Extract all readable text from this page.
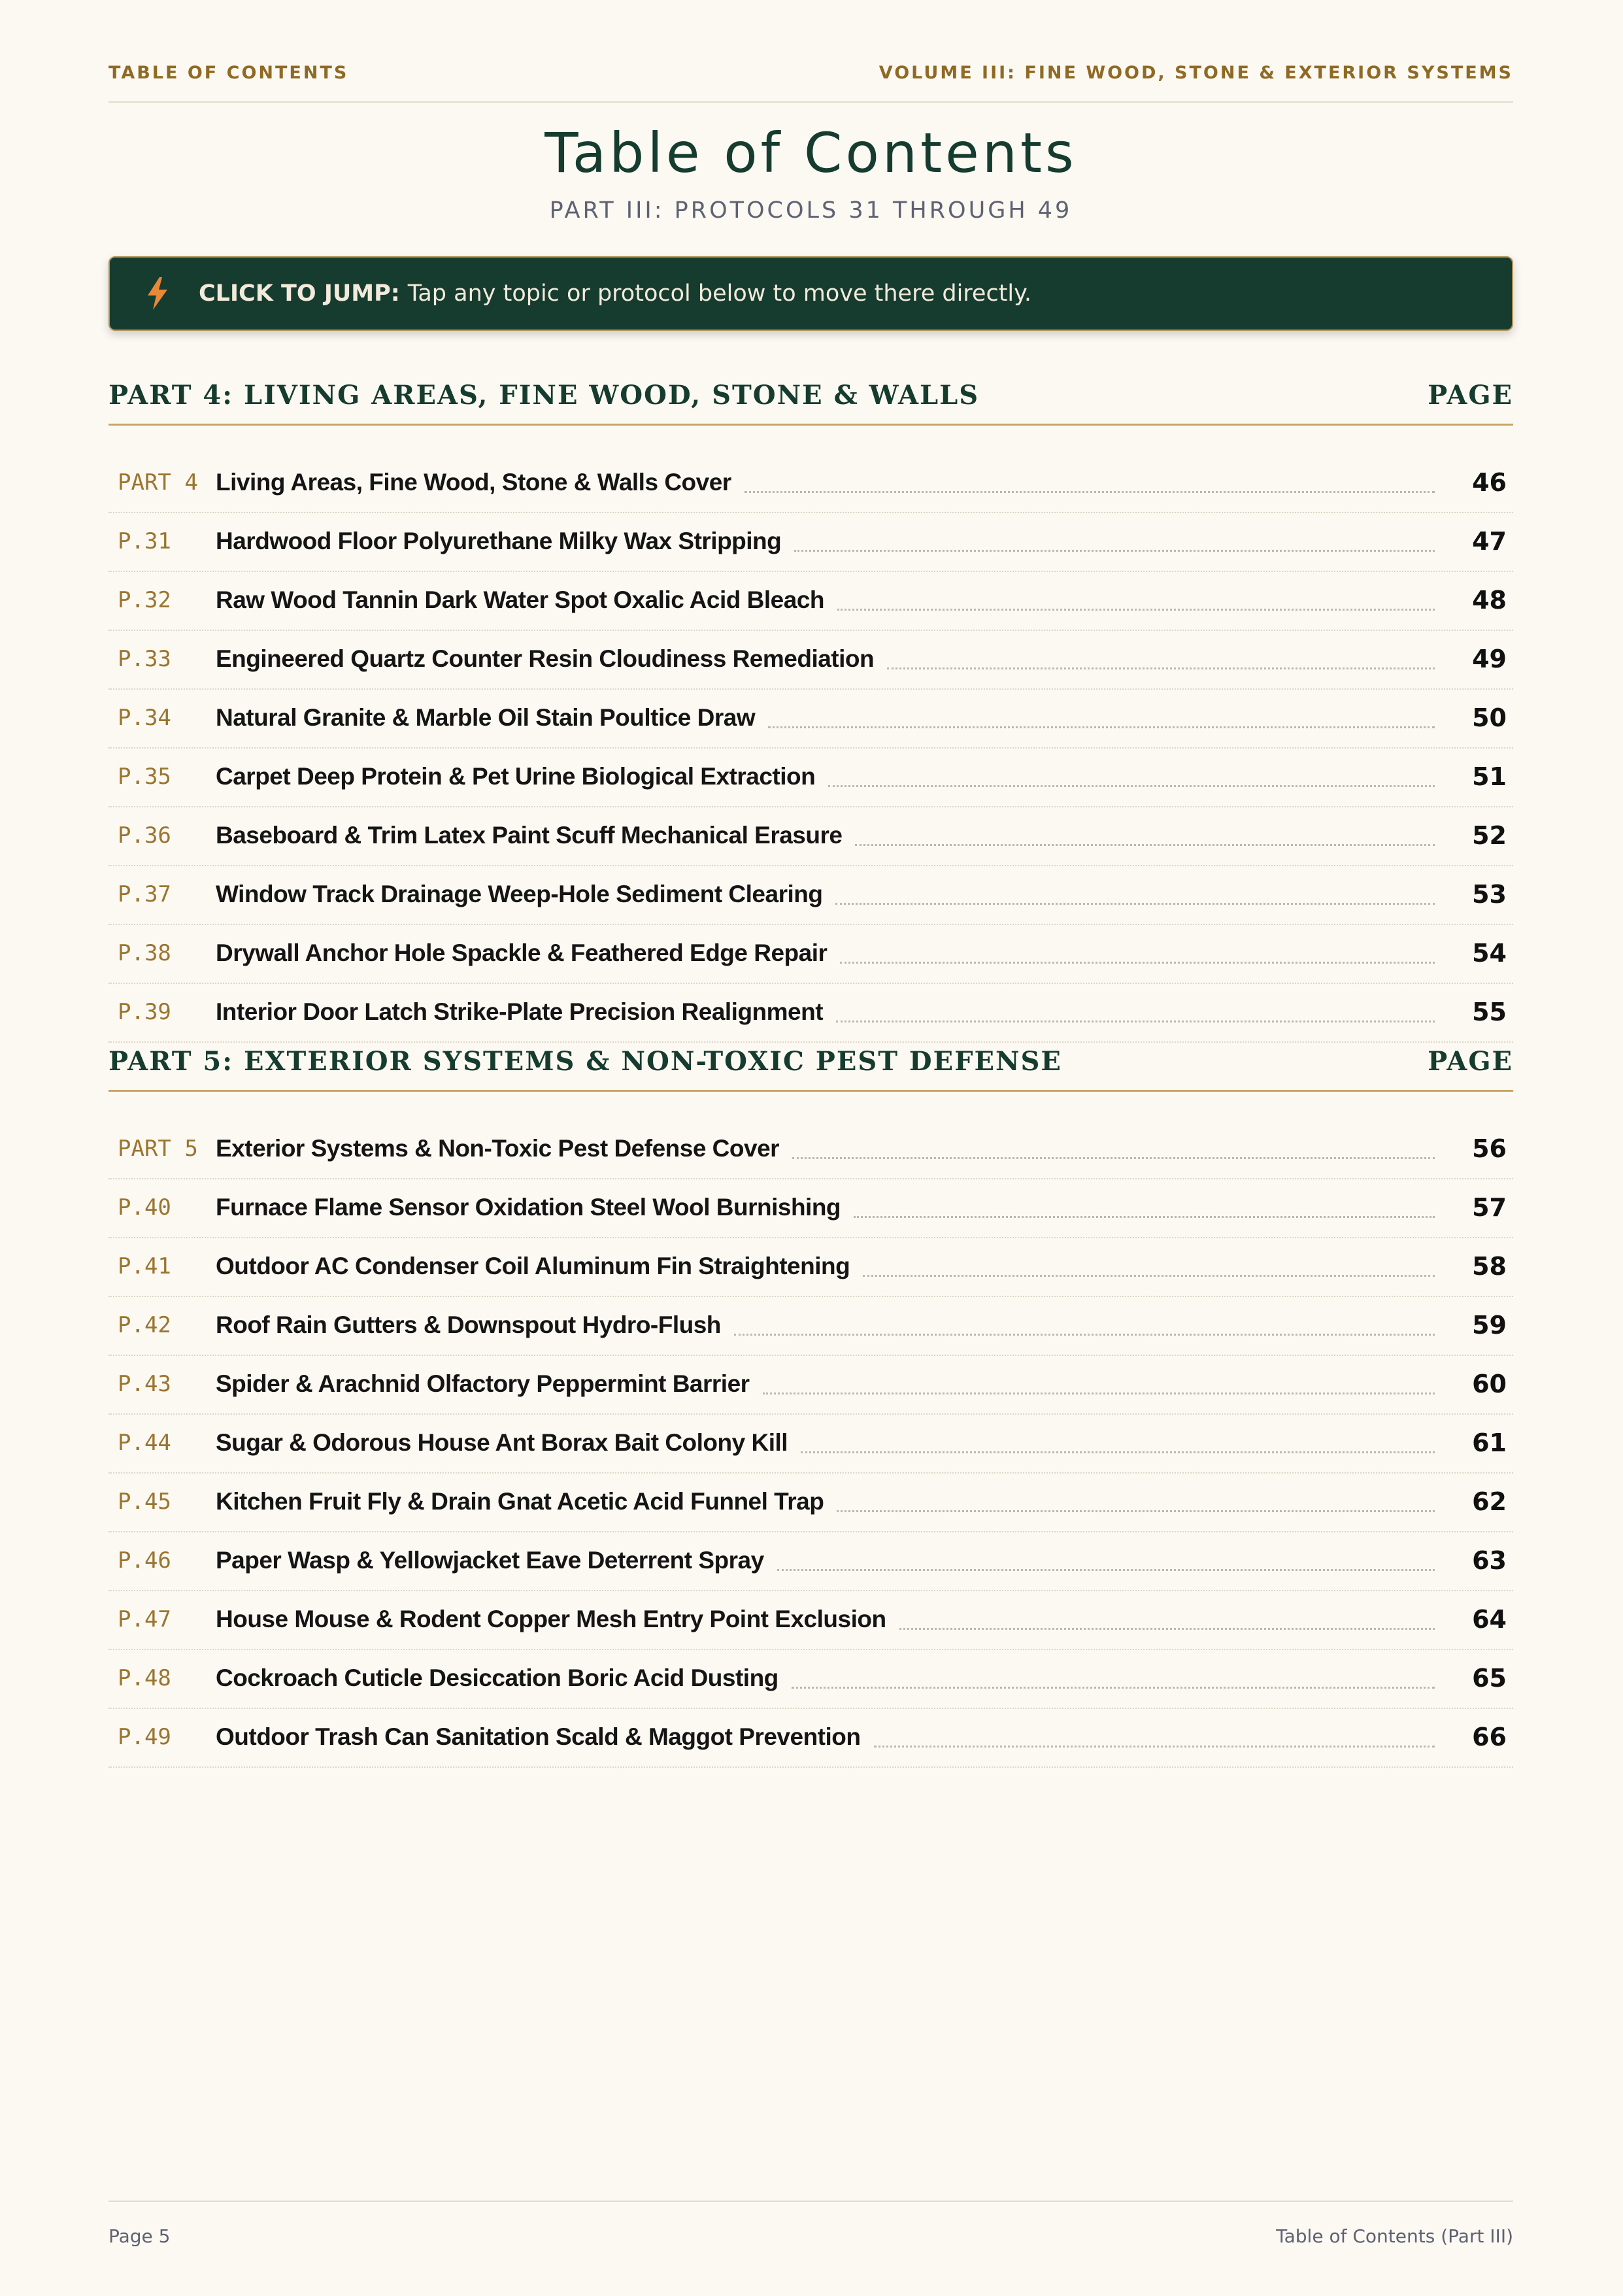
TABLE OF CONTENTS	VOLUME III: FINE WOOD, STONE & EXTERIOR SYSTEMS
Table of Contents
PART III: PROTOCOLS 31 THROUGH 49
CLICK TO JUMP: Tap any topic or protocol below to move there directly.
PART 4: LIVING AREAS, FINE WOOD, STONE & WALLS	PAGE
PART 4 Living Areas, Fine Wood, Stone & Walls Cover	46
P.31	Hardwood Floor Polyurethane Milky Wax Stripping	47
P.32	Raw Wood Tannin Dark Water Spot Oxalic Acid Bleach	48
P.33	Engineered Quartz Counter Resin Cloudiness Remediation	49
P.34	Natural Granite & Marble Oil Stain Poultice Draw	50
P.35	Carpet Deep Protein & Pet Urine Biological Extraction	51
P.36	Baseboard & Trim Latex Paint Scuff Mechanical Erasure	52
P.37	Window Track Drainage Weep-Hole Sediment Clearing	53
P.38	Drywall Anchor Hole Spackle & Feathered Edge Repair	54
P.39	Interior Door Latch Strike-Plate Precision Realignment	55
PART 5: EXTERIOR SYSTEMS & NON-TOXIC PEST DEFENSE	PAGE
PART 5 Exterior Systems & Non-Toxic Pest Defense Cover	56
P.40	Furnace Flame Sensor Oxidation Steel Wool Burnishing	57
P.41	Outdoor AC Condenser Coil Aluminum Fin Straightening	58
P.42	Roof Rain Gutters & Downspout Hydro-Flush	59
P.43	Spider & Arachnid Olfactory Peppermint Barrier	60
P.44	Sugar & Odorous House Ant Borax Bait Colony Kill	61
P.45	Kitchen Fruit Fly & Drain Gnat Acetic Acid Funnel Trap	62
P.46	Paper Wasp & Yellowjacket Eave Deterrent Spray	63
P.47	House Mouse & Rodent Copper Mesh Entry Point Exclusion	64
P.48	Cockroach Cuticle Desiccation Boric Acid Dusting	65
P.49	Outdoor Trash Can Sanitation Scald & Maggot Prevention	66
Page 5	Table of Contents (Part III)
